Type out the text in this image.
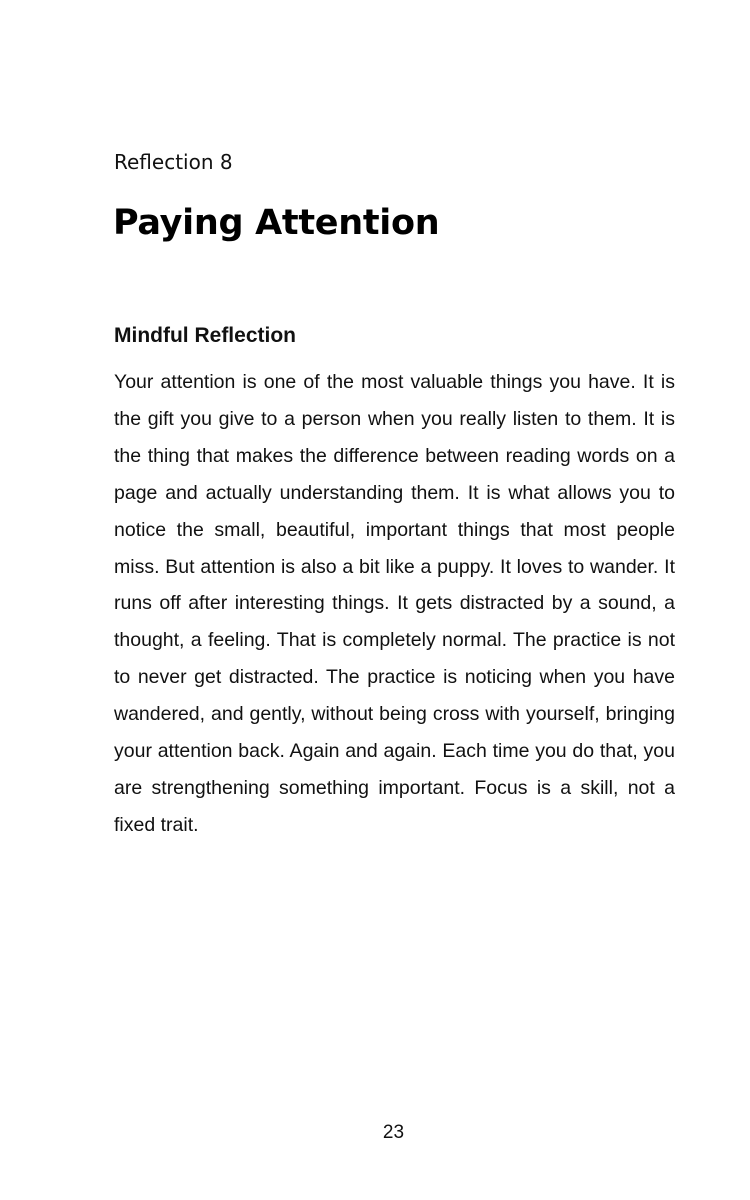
Reflection 8
Paying Attention
Mindful Reflection

Your attention is one of the most valuable things you have. It is the gift you give to a person when you really listen to them. It is the thing that makes the difference between reading words on a page and actually understanding them. It is what allows you to notice the small, beautiful, important things that most people miss. But attention is also a bit like a puppy. It loves to wander. It runs off after interesting things. It gets distracted by a sound, a thought, a feeling. That is completely normal. The practice is not to never get distracted. The practice is noticing when you have wandered, and gently, without being cross with yourself, bringing your attention back. Again and again. Each time you do that, you are strengthening something important. Focus is a skill, not a fixed trait.

23
